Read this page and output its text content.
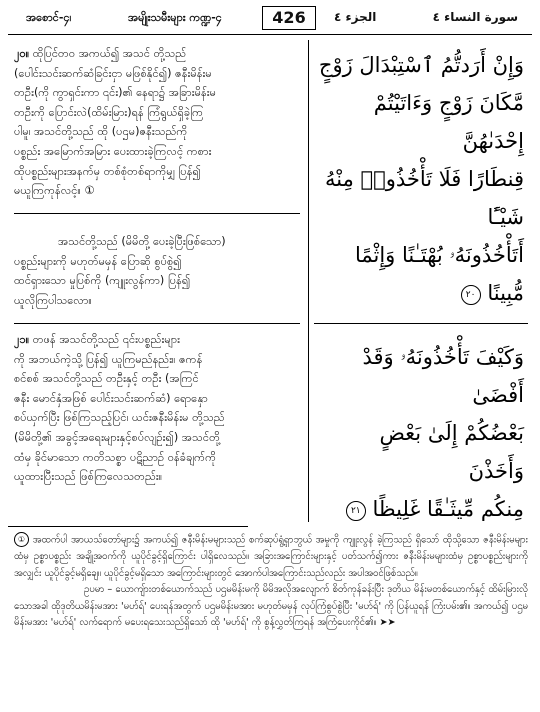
အစောင်-၄၊	အမျိုးသမီးများ ကဏ္ဍ-၄	426	الجزء ٤	سورة النساء ٤

၂၀။ ထိုပြင်တဝ အကယ်၍ အသင် တို့သည်
(ပေါင်းသင်းဆက်ဆံခြင်းငှာ မဖြစ်နိုင်၍) ဇနီးမိန်းမ
တဦး(ကို ကွာရှင်းကာ ၎င်း)၏ နေရာ၌ အခြားမိန်းမ
တဦးကို ပြောင်းလဲ(ထိမ်းမြား)ရန် ကြံရွယ်ရှိခဲ့ကြ
ပါမူ၊ အသင်တို့သည် ထို (ပဌမ)ဇနီးသည်ကို
ပစ္စည်း အမြောက်အမြား ပေးထားခဲ့ကြလင့် ကစား
ထိုပစ္စည်းများအနက်မှ တစ်စုံတစ်ရာကိုမျှ ပြန်၍
မယူကြကုန်လင့်။ ①

အသင်တို့သည် (မိမိတို့ ပေးခဲ့ပြီးဖြစ်သော)
ပစ္စည်းများကို မဟုတ်မမှန် ပြောဆို စွပ်စွဲ၍
ထင်ရှားသော မှုပြစ်ကို (ကျူးလွန်ကာ) ပြန်၍
ယူလိုကြပါသလော။

وَإِنْ أَرَدتُّمُ ٱسْتِبْدَالَ زَوْجٍ
مَّكَانَ زَوْجٍ وَءَاتَيْتُمْ إِحْدَىٰهُنَّ
قِنطَارًا فَلَا تَأْخُذُوا۟ مِنْهُ شَيْـًٔا
أَتَأْخُذُونَهُۥ بُهْتَـٰنًا وَإِثْمًا
مُّبِينًا ٢٠

၂၁။ တဖန် အသင်တို့သည် ၎င်းပစ္စည်းများ
ကို အဘယ်ကဲ့သို့ ပြန်၍ ယူကြမည်နည်း။ ဇကန်
စင်စစ် အသင်တို့သည် တဦးနှင့် တဦး (အကြင်
ဇနီး မောင်နှံအဖြစ် ပေါင်းသင်းဆက်ဆံ) ရောနှော
စပ်ယှက်ပြီး ဖြစ်ကြသည့်ပြင်၊ ယင်းဇနီးမိန်းမ တို့သည်
(မိမိတို့၏ အခွင့်အရေးများနှင့်စပ်လျဉ်း၍) အသင်တို့
ထံမှ ခိုင်မာသော ကတိသစ္စာ ပဋိညာဉ် ဝန်ခံချက်ကို
ယူထားပြီးသည် ဖြစ်ကြလေသတည်း။

وَكَيْفَ تَأْخُذُونَهُۥ وَقَدْ أَفْضَىٰ
بَعْضُكُمْ إِلَىٰ بَعْضٍ وَأَخَذْنَ
مِنكُم مِّيثَـٰقًا غَلِيظًا ٢١

① အထက်ပါ အာယသ်တော်များ၌ အကယ်၍ ဇနီးမိန်းမများသည် စက်ဆုပ်ရွံ့ရှာဘွယ် အမှုကို ကျူးလွန် ခဲ့ကြသည် ရှိသော် ထိုသို့သော ဇနီးမိန်းမများထံမှ ဥစ္စာပစ္စည်း အချို့အဝက်ကို ယူပိုင်ခွင့်ရှိကြောင်း ပါရှိလေသည်။ အခြားအကြောင်းများနှင့် ပတ်သက်၍ကား ဇနီးမိန်းမများထံမှ ဥစ္စာပစ္စည်းများကို အလျှင်း ယူပိုင်ခွင့်မရှိချေ။ ယူပိုင်ခွင့်မရှိသော အကြောင်းများတွင် အောက်ပါအကြောင်းသည်လည်း အပါအဝင်ဖြစ်သည်။

ဥပမာ – ယောကျ်ားတစ်ယောက်သည် ပဌမမိန်းမကို မိမိအလိုအလျောက် စိတ်ကုန်ခန်းပြီး ဒုတိယ မိန်းမတစ်ယောက်နှင့် ထိမ်းမြားလိုသောအခါ ထိုဒုတိယမိန်းမအား 'မဟ်ရ်' ပေးရန်အတွက် ပဌမမိန်းမအား မဟုတ်မမှန် လုပ်ကြံစွပ်စွဲပြီး 'မဟ်ရ်' ကို ပြန်ယူရန် ကြံးပမ်း၏။ အကယ်၍ ပဌမမိန်းမအား 'မဟ်ရ်' လက်ရောက် မပေးရသေးသည်ရှိသော် ထို 'မဟ်ရ်' ကို စွန့်လွှတ်ကြရန် အကြံပေးကိုင်၏။ ➤➤
